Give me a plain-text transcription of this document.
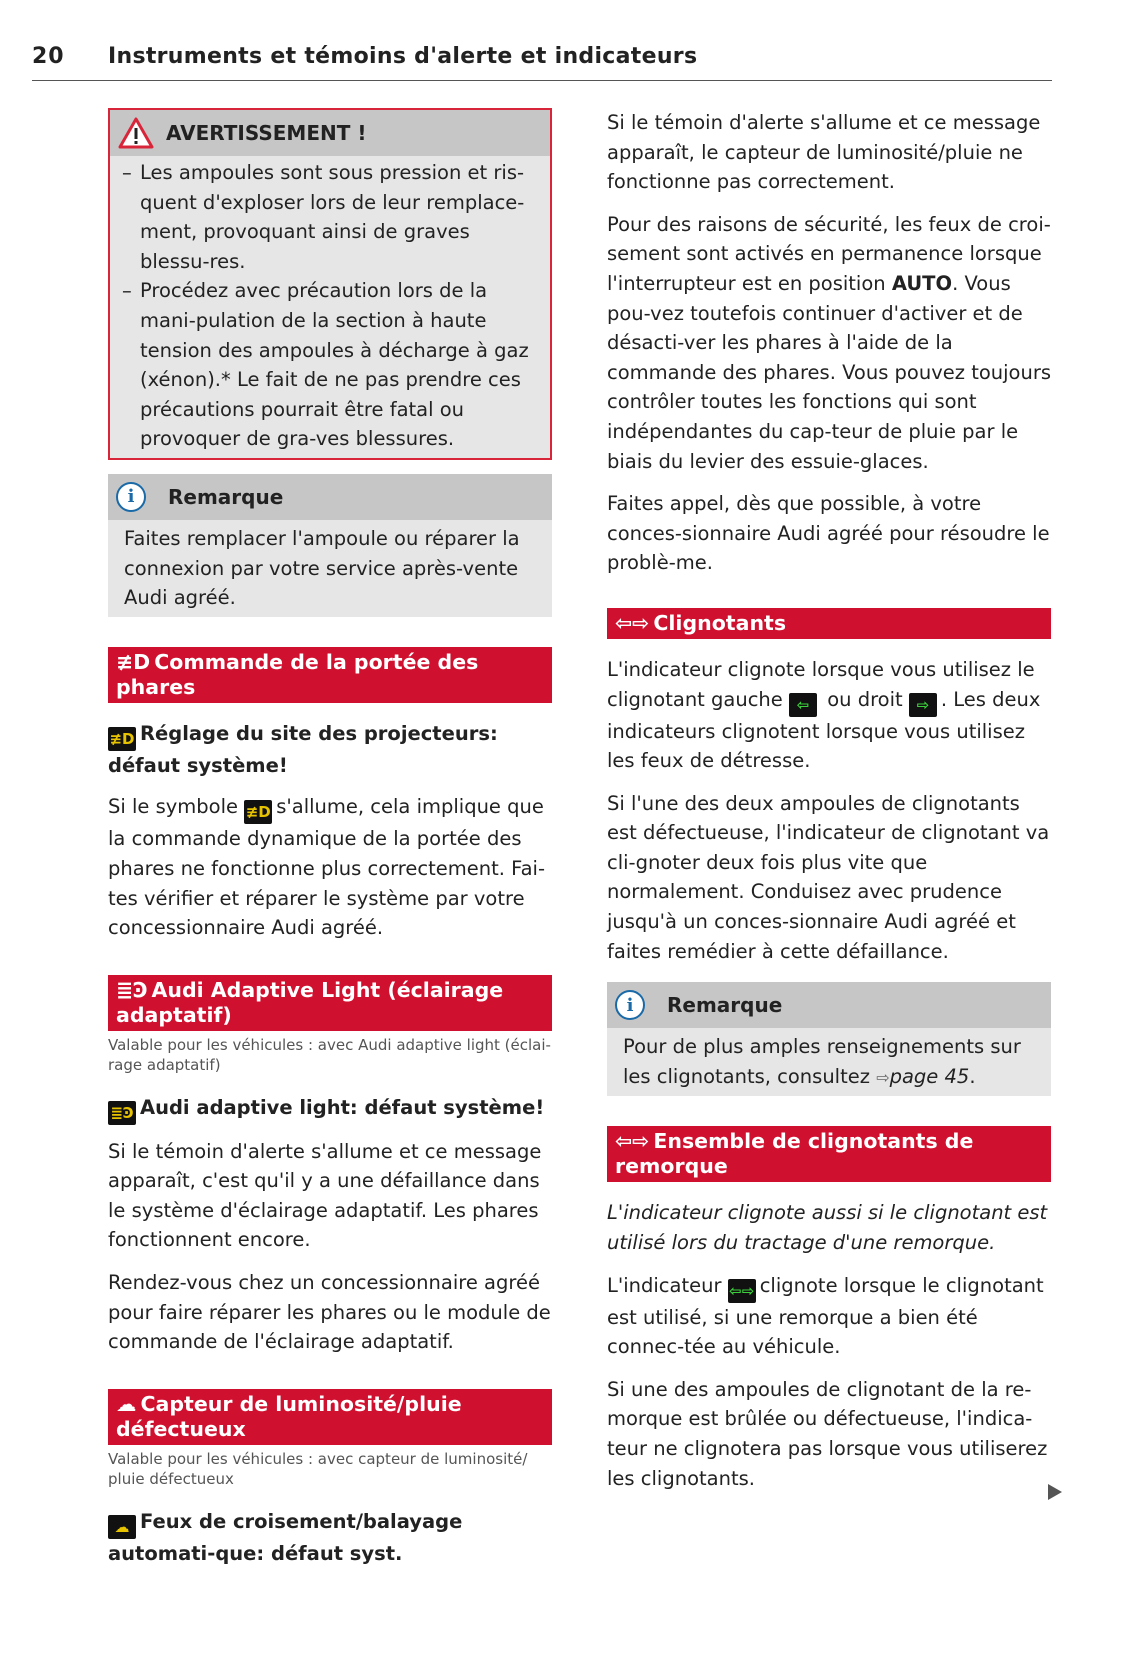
20 Instruments et témoins d'alerte et indicateurs
AVERTISSEMENT !
– Les ampoules sont sous pression et ris-quent d'exploser lors de leur remplace-ment, provoquant ainsi de graves blessu-res.
– Procédez avec précaution lors de la mani-pulation de la section à haute tension des ampoules à décharge à gaz (xénon).* Le fait de ne pas prendre ces précautions pourrait être fatal ou provoquer de gra-ves blessures.
i	Remarque
Faites remplacer l'ampoule ou réparer la connexion par votre service après-vente Audi agréé.
≢D Commande de la portée des phares
≢D Réglage du site des projecteurs: défaut système!

Si le symbole ≢D s'allume, cela implique que la commande dynamique de la portée des phares ne fonctionne plus correctement. Fai-tes vérifier et réparer le système par votre concessionnaire Audi agréé.

≣Ͽ Audi Adaptive Light (éclairage adaptatif)
Valable pour les véhicules : avec Audi adaptive light (éclai-rage adaptatif)
≣Ͽ Audi adaptive light: défaut système!

Si le témoin d'alerte s'allume et ce message apparaît, c'est qu'il y a une défaillance dans le système d'éclairage adaptatif. Les phares fonctionnent encore.

Rendez-vous chez un concessionnaire agréé pour faire réparer les phares ou le module de commande de l'éclairage adaptatif.

☁ Capteur de luminosité/pluie défectueux
Valable pour les véhicules : avec capteur de luminosité/ pluie défectueux
☁ Feux de croisement/balayage automati-que: défaut syst.

Si le témoin d'alerte s'allume et ce message apparaît, le capteur de luminosité/pluie ne fonctionne pas correctement.

Pour des raisons de sécurité, les feux de croi-sement sont activés en permanence lorsque l'interrupteur est en position AUTO. Vous pou-vez toutefois continuer d'activer et de désacti-ver les phares à l'aide de la commande des phares. Vous pouvez toujours contrôler toutes les fonctions qui sont indépendantes du cap-teur de pluie par le biais du levier des essuie-glaces.

Faites appel, dès que possible, à votre conces-sionnaire Audi agréé pour résoudre le problè-me.

⇦⇨ Clignotants

L'indicateur clignote lorsque vous utilisez le clignotant gauche ⇦ ou droit ⇨ . Les deux indicateurs clignotent lorsque vous utilisez les feux de détresse.

Si l'une des deux ampoules de clignotants est défectueuse, l'indicateur de clignotant va cli-gnoter deux fois plus vite que normalement. Conduisez avec prudence jusqu'à un conces-sionnaire Audi agréé et faites remédier à cette défaillance.

i	Remarque
Pour de plus amples renseignements sur les clignotants, consultez ⇨page 45.
⇦⇨ Ensemble de clignotants de remorque

L'indicateur clignote aussi si le clignotant est utilisé lors du tractage d'une remorque.

L'indicateur ⇦⇨ clignote lorsque le clignotant est utilisé, si une remorque a bien été connec-tée au véhicule.

Si une des ampoules de clignotant de la re-morque est brûlée ou défectueuse, l'indica-teur ne clignotera pas lorsque vous utiliserez les clignotants.
